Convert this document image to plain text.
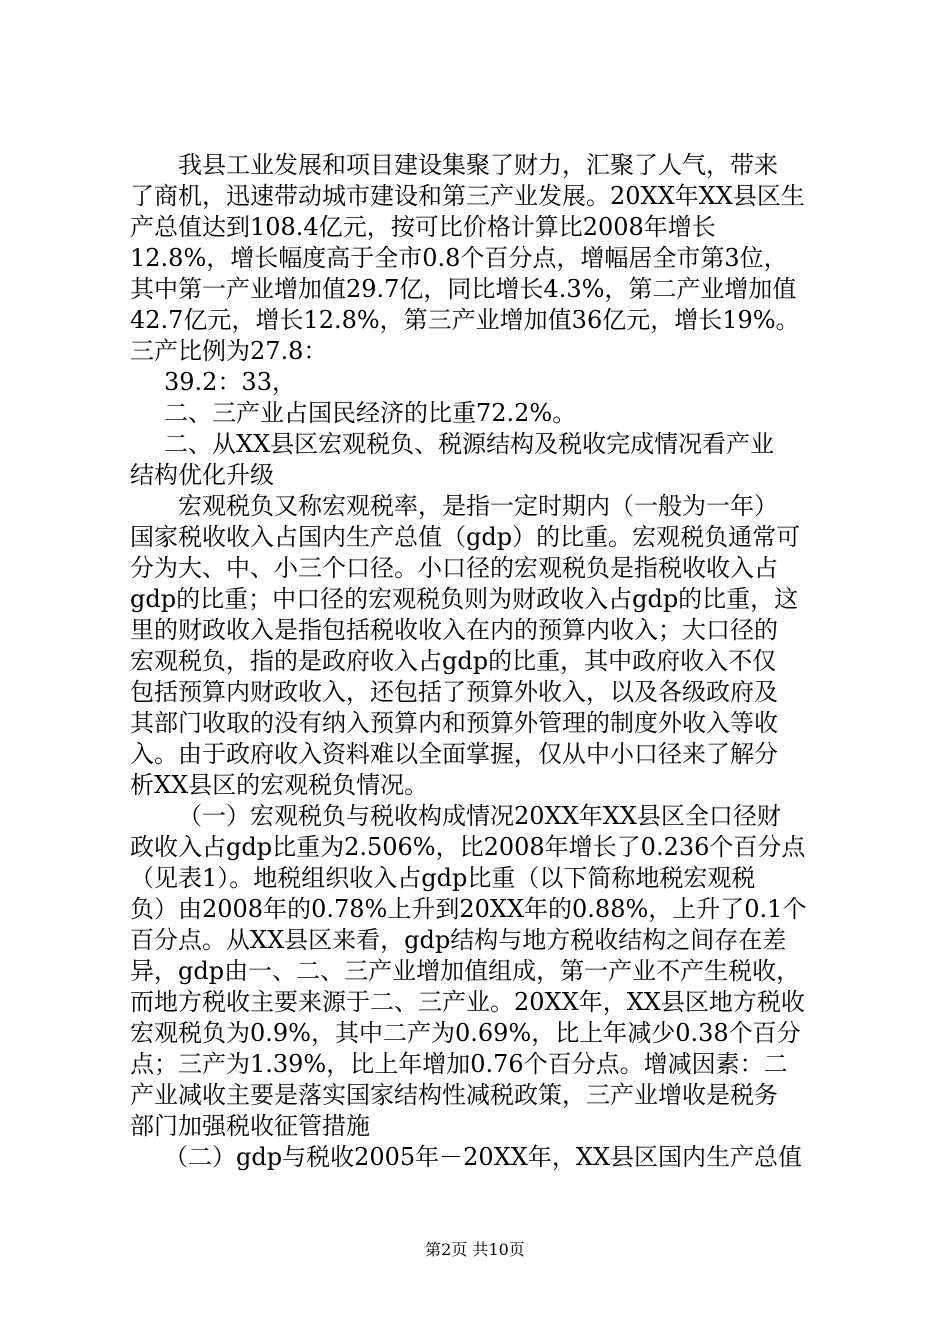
我县工业发展和项目建设集聚了财力，汇聚了人气，带来
了商机，迅速带动城市建设和第三产业发展。20XX年XX县区生
产总值达到108.4亿元，按可比价格计算比2008年增长
12.8%，增长幅度高于全市0.8个百分点，增幅居全市第3位，
其中第一产业增加值29.7亿，同比增长4.3%，第二产业增加值
42.7亿元，增长12.8%，第三产业增加值36亿元，增长19%。
三产比例为27.8：
39.2：33，
二、三产业占国民经济的比重72.2%。
二、从XX县区宏观税负、税源结构及税收完成情况看产业
结构优化升级
宏观税负又称宏观税率，是指一定时期内（一般为一年）
国家税收收入占国内生产总值（gdp）的比重。宏观税负通常可
分为大、中、小三个口径。小口径的宏观税负是指税收收入占
gdp的比重；中口径的宏观税负则为财政收入占gdp的比重，这
里的财政收入是指包括税收收入在内的预算内收入；大口径的
宏观税负，指的是政府收入占gdp的比重，其中政府收入不仅
包括预算内财政收入，还包括了预算外收入，以及各级政府及
其部门收取的没有纳入预算内和预算外管理的制度外收入等收
入。由于政府收入资料难以全面掌握，仅从中小口径来了解分
析XX县区的宏观税负情况。
（一）宏观税负与税收构成情况20XX年XX县区全口径财
政收入占gdp比重为2.506%，比2008年增长了0.236个百分点
（见表1）。地税组织收入占gdp比重（以下简称地税宏观税
负）由2008年的0.78%上升到20XX年的0.88%，上升了0.1个
百分点。从XX县区来看，gdp结构与地方税收结构之间存在差
异，gdp由一、二、三产业增加值组成，第一产业不产生税收，
而地方税收主要来源于二、三产业。20XX年，XX县区地方税收
宏观税负为0.9%，其中二产为0.69%，比上年减少0.38个百分
点；三产为1.39%，比上年增加0.76个百分点。增减因素：二
产业减收主要是落实国家结构性减税政策，三产业增收是税务
部门加强税收征管措施
（二）gdp与税收2005年－20XX年，XX县区国内生产总值
第2页 共10页
